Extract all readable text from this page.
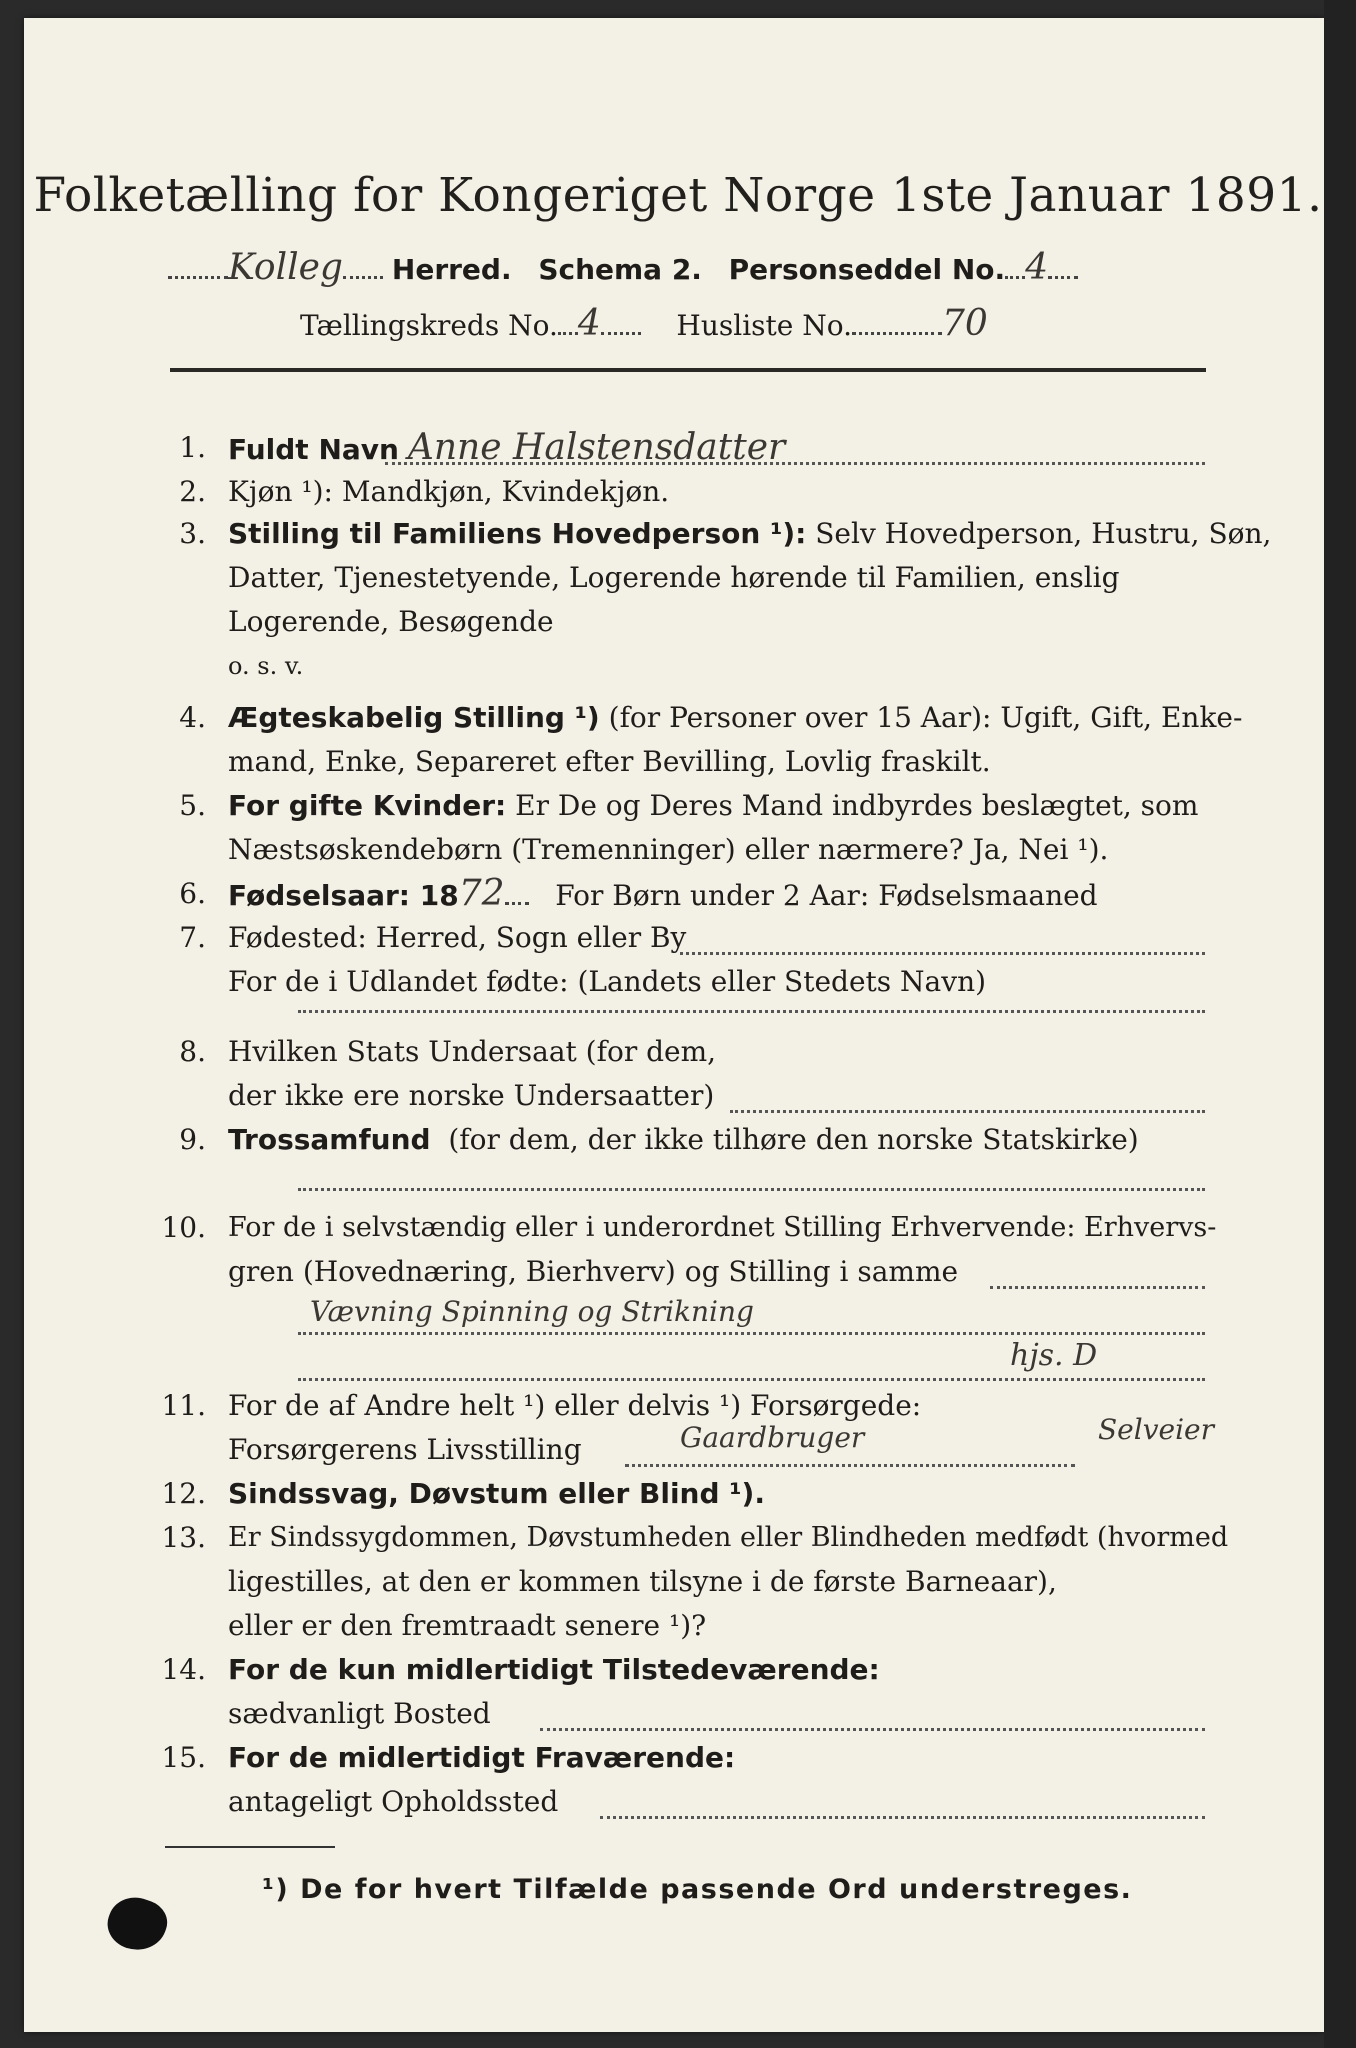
Folketælling for Kongeriget Norge 1ste Januar 1891.
Kolleg Herred. Schema 2. Personseddel No. 4
Tællingskreds No. 4	Husliste No.	70
1. Fuldt Navn Anne Halstensdatter
2. Kjøn ¹): Mandkjøn, Kvindekjøn.
3. Stilling til Familiens Hovedperson ¹): Selv Hovedperson, Hustru, Søn,
Datter, Tjenestetyende, Logerende hørende til Familien, enslig
Logerende, Besøgende
o. s. v.
4. Ægteskabelig Stilling ¹) (for Personer over 15 Aar): Ugift, Gift, Enke-
mand, Enke, Separeret efter Bevilling, Lovlig fraskilt.
5. For gifte Kvinder: Er De og Deres Mand indbyrdes beslægtet, som
Næstsøskendebørn (Tremenninger) eller nærmere? Ja, Nei ¹).
6. Fødselsaar: 1872 For Børn under 2 Aar: Fødselsmaaned
7. Fødested: Herred, Sogn eller By
For de i Udlandet fødte: (Landets eller Stedets Navn)
8. Hvilken Stats Undersaat (for dem,
der ikke ere norske Undersaatter)
9. Trossamfund (for dem, der ikke tilhøre den norske Statskirke)
10. For de i selvstændig eller i underordnet Stilling Erhvervende: Erhvervs-
gren (Hovednæring, Bierhverv) og Stilling i samme
Vævning Spinning og Strikning
hjs. D
11. For de af Andre helt ¹) eller delvis ¹) Forsørgede:
Forsørgerens Livsstilling	Gaardbruger	Selveier
12. Sindssvag, Døvstum eller Blind ¹).
13. Er Sindssygdommen, Døvstumheden eller Blindheden medfødt (hvormed
ligestilles, at den er kommen tilsyne i de første Barneaar),
eller er den fremtraadt senere ¹)?
14. For de kun midlertidigt Tilstedeværende:
sædvanligt Bosted
15. For de midlertidigt Fraværende:
antageligt Opholdssted
¹) De for hvert Tilfælde passende Ord understreges.
